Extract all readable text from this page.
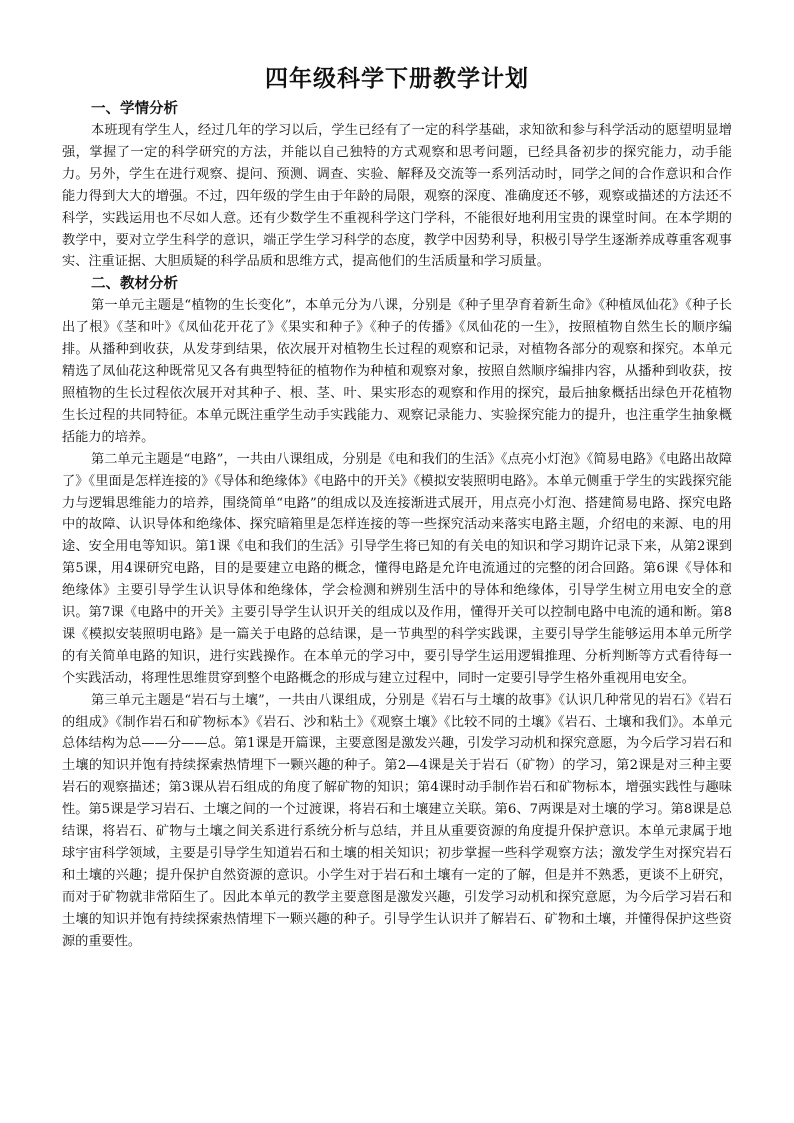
四年级科学下册教学计划
一、学情分析

本班现有学生人，经过几年的学习以后，学生已经有了一定的科学基础，求知欲和参与科学活动的愿望明显增强，掌握了一定的科学研究的方法，并能以自己独特的方式观察和思考问题，已经具备初步的探究能力，动手能力。另外，学生在进行观察、提问、预测、调查、实验、解释及交流等一系列活动时，同学之间的合作意识和合作能力得到大大的增强。不过，四年级的学生由于年龄的局限，观察的深度、准确度还不够，观察或描述的方法还不科学，实践运用也不尽如人意。还有少数学生不重视科学这门学科，不能很好地利用宝贵的课堂时间。在本学期的教学中，要对立学生科学的意识，端正学生学习科学的态度，教学中因势利导，积极引导学生逐渐养成尊重客观事实、注重证据、大胆质疑的科学品质和思维方式，提高他们的生活质量和学习质量。

二、教材分析

第一单元主题是“植物的生长变化”，本单元分为八课，分别是《种子里孕育着新生命》《种植凤仙花》《种子长出了根》《茎和叶》《凤仙花开花了》《果实和种子》《种子的传播》《凤仙花的一生》，按照植物自然生长的顺序编排。从播种到收获，从发芽到结果，依次展开对植物生长过程的观察和记录，对植物各部分的观察和探究。本单元精选了凤仙花这种既常见又各有典型特征的植物作为种植和观察对象，按照自然顺序编排内容，从播种到收获，按照植物的生长过程依次展开对其种子、根、茎、叶、果实形态的观察和作用的探究，最后抽象概括出绿色开花植物生长过程的共同特征。本单元既注重学生动手实践能力、观察记录能力、实验探究能力的提升，也注重学生抽象概括能力的培养。

第二单元主题是“电路”，一共由八课组成，分别是《电和我们的生活》《点亮小灯泡》《简易电路》《电路出故障了》《里面是怎样连接的》《导体和绝缘体》《电路中的开关》《模拟安装照明电路》。本单元侧重于学生的实践探究能力与逻辑思维能力的培养，围绕简单“电路”的组成以及连接渐进式展开，用点亮小灯泡、搭建简易电路、探究电路中的故障、认识导体和绝缘体、探究暗箱里是怎样连接的等一些探究活动来落实电路主题，介绍电的来源、电的用途、安全用电等知识。第1课《电和我们的生活》引导学生将已知的有关电的知识和学习期许记录下来，从第2课到第5课，用4课研究电路，目的是要建立电路的概念，懂得电路是允许电流通过的完整的闭合回路。第6课《导体和绝缘体》主要引导学生认识导体和绝缘体，学会检测和辨别生活中的导体和绝缘体，引导学生树立用电安全的意识。第7课《电路中的开关》主要引导学生认识开关的组成以及作用，懂得开关可以控制电路中电流的通和断。第8课《模拟安装照明电路》是一篇关于电路的总结课，是一节典型的科学实践课，主要引导学生能够运用本单元所学的有关简单电路的知识，进行实践操作。在本单元的学习中，要引导学生运用逻辑推理、分析判断等方式看待每一个实践活动，将理性思维贯穿到整个电路概念的形成与建立过程中，同时一定要引导学生格外重视用电安全。

第三单元主题是“岩石与土壤”，一共由八课组成，分别是《岩石与土壤的故事》《认识几种常见的岩石》《岩石的组成》《制作岩石和矿物标本》《岩石、沙和粘土》《观察土壤》《比较不同的土壤》《岩石、土壤和我们》。本单元总体结构为总——分——总。第1课是开篇课，主要意图是激发兴趣，引发学习动机和探究意愿，为今后学习岩石和土壤的知识并饱有持续探索热情埋下一颗兴趣的种子。第2—4课是关于岩石（矿物）的学习，第2课是对三种主要岩石的观察描述；第3课从岩石组成的角度了解矿物的知识；第4课时动手制作岩石和矿物标本，增强实践性与趣味性。第5课是学习岩石、土壤之间的一个过渡课，将岩石和土壤建立关联。第6、7两课是对土壤的学习。第8课是总结课，将岩石、矿物与土壤之间关系进行系统分析与总结，并且从重要资源的角度提升保护意识。本单元隶属于地球宇宙科学领域，主要是引导学生知道岩石和土壤的相关知识；初步掌握一些科学观察方法；激发学生对探究岩石和土壤的兴趣；提升保护自然资源的意识。小学生对于岩石和土壤有一定的了解，但是并不熟悉，更谈不上研究，而对于矿物就非常陌生了。因此本单元的教学主要意图是激发兴趣，引发学习动机和探究意愿，为今后学习岩石和土壤的知识并饱有持续探索热情埋下一颗兴趣的种子。引导学生认识并了解岩石、矿物和土壤，并懂得保护这些资源的重要性。
